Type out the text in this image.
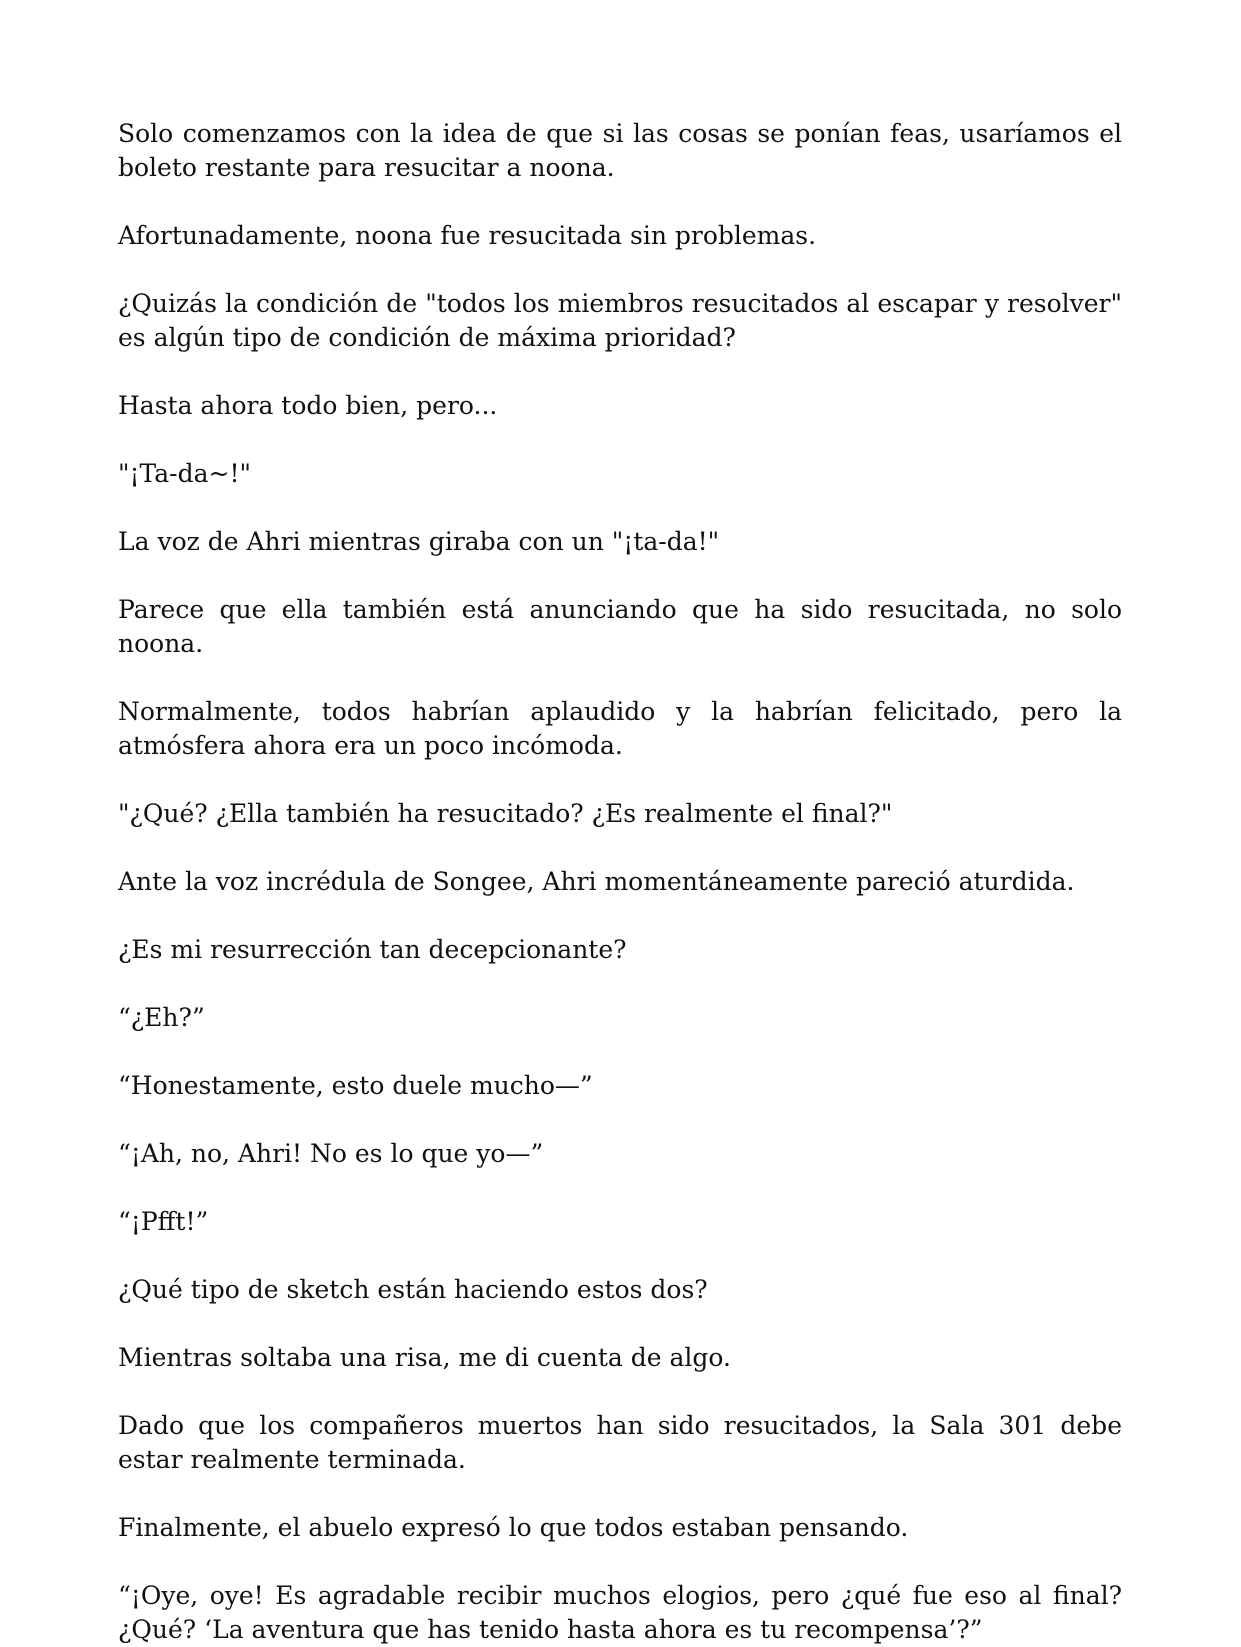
Solo comenzamos con la idea de que si las cosas se ponían feas, usaríamos el boleto restante para resucitar a noona.

Afortunadamente, noona fue resucitada sin problemas.

¿Quizás la condición de "todos los miembros resucitados al escapar y resolver" es algún tipo de condición de máxima prioridad?

Hasta ahora todo bien, pero...

"¡Ta-da~!"

La voz de Ahri mientras giraba con un "¡ta-da!"

Parece que ella también está anunciando que ha sido resucitada, no solo noona.

Normalmente, todos habrían aplaudido y la habrían felicitado, pero la atmósfera ahora era un poco incómoda.

"¿Qué? ¿Ella también ha resucitado? ¿Es realmente el final?"

Ante la voz incrédula de Songee, Ahri momentáneamente pareció aturdida.

¿Es mi resurrección tan decepcionante?

“¿Eh?”

“Honestamente, esto duele mucho—”

“¡Ah, no, Ahri! No es lo que yo—”

“¡Pfft!”

¿Qué tipo de sketch están haciendo estos dos?

Mientras soltaba una risa, me di cuenta de algo.

Dado que los compañeros muertos han sido resucitados, la Sala 301 debe estar realmente terminada.

Finalmente, el abuelo expresó lo que todos estaban pensando.

“¡Oye, oye! Es agradable recibir muchos elogios, pero ¿qué fue eso al final? ¿Qué? ‘La aventura que has tenido hasta ahora es tu recompensa’?”
